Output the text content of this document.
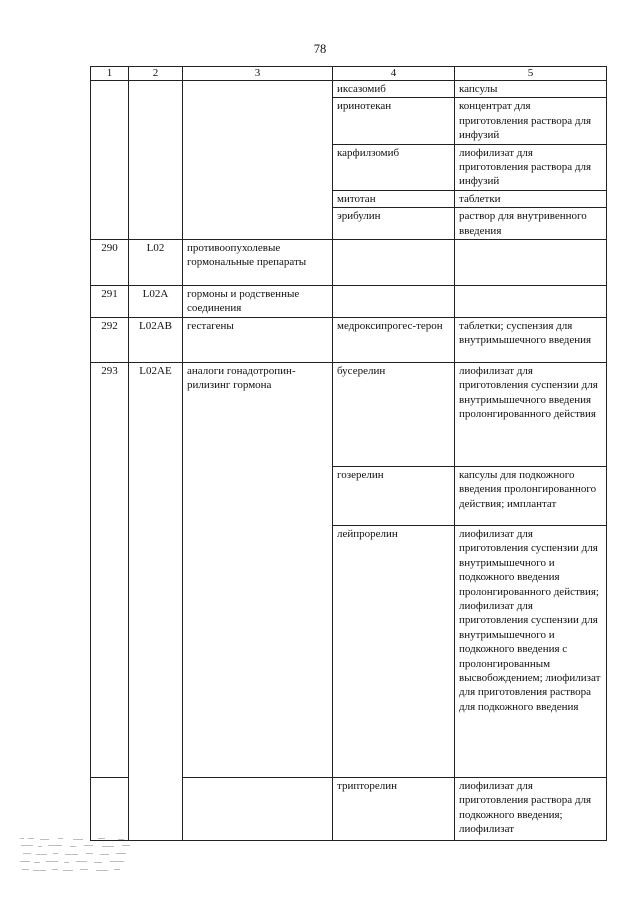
78
1	2	3	4	5
			иксазомиб	капсулы
			иринотекан	концентрат для приготовления раствора для инфузий
			карфилзомиб	лиофилизат для приготовления раствора для инфузий
			митотан	таблетки
			эрибулин	раствор для внутривенного введения
290	L02	противоопухолевые гормональные препараты		
291	L02A	гормоны и родственные соединения		
292	L02AB	гестагены	медроксипрогес-терон	таблетки; суспензия для внутримышечного введения
293	L02AE	аналоги гонадотропин-рилизинг гормона	бусерелин	лиофилизат для приготовления суспензии для внутримышечного введения пролонгированного действия
			гозерелин	капсулы для подкожного введения пролонгированного действия; имплантат
			лейпрорелин	лиофилизат для приготовления суспензии для внутримышечного и подкожного введения пролонгированного действия; лиофилизат для приготовления суспензии для внутримышечного и подкожного введения с пролонгированным высвобождением; лиофилизат для приготовления раствора для подкожного введения
			трипторелин	лиофилизат для приготовления раствора для подкожного введения; лиофилизат
